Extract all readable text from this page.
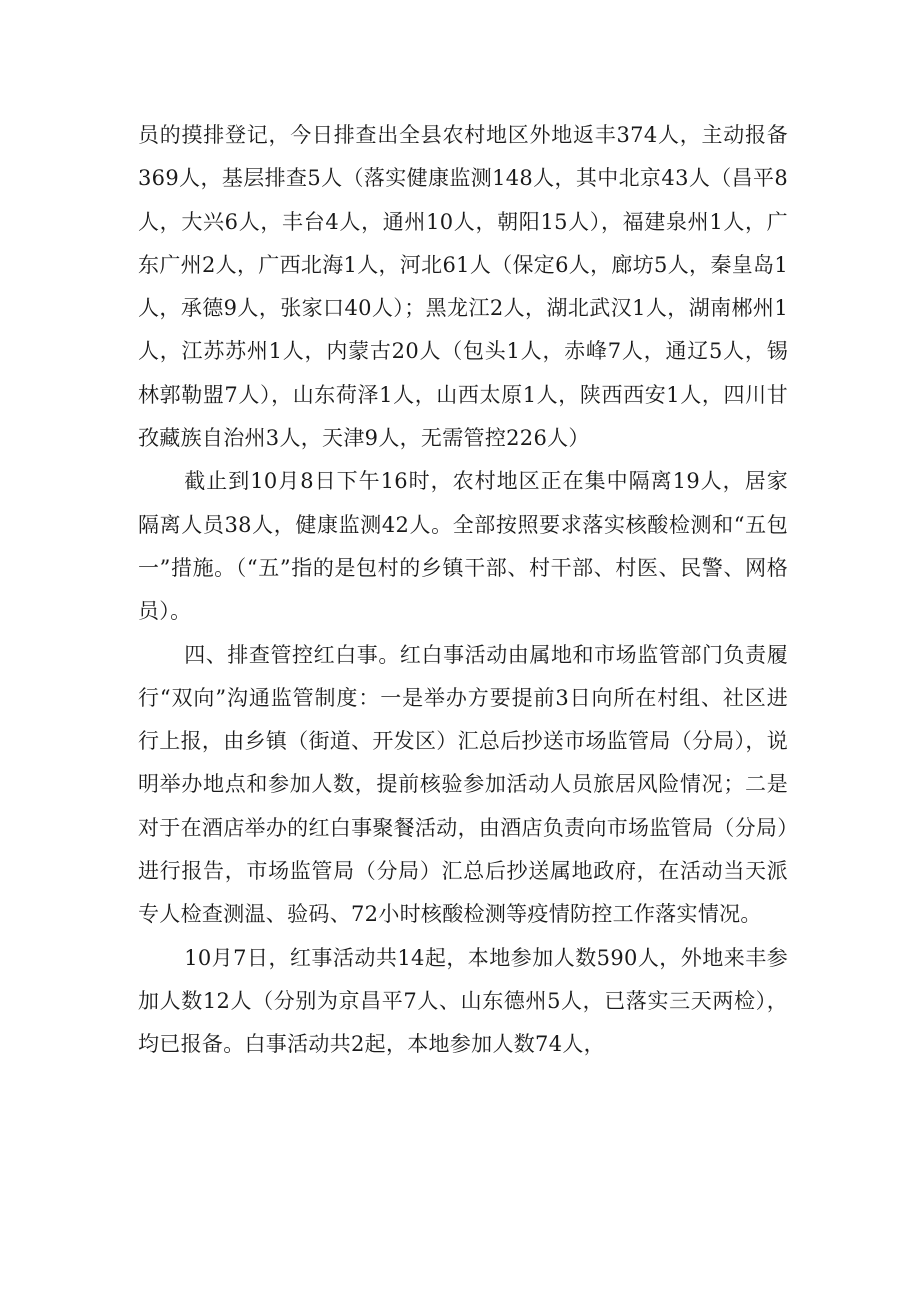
员的摸排登记，今日排查出全县农村地区外地返丰374人，主动报备369人，基层排查5人（落实健康监测148人，其中北京43人（昌平8人，大兴6人，丰台4人，通州10人，朝阳15人），福建泉州1人，广东广州2人，广西北海1人，河北61人（保定6人，廊坊5人，秦皇岛1人，承德9人，张家口40人）；黑龙江2人，湖北武汉1人，湖南郴州1人，江苏苏州1人，内蒙古20人（包头1人，赤峰7人，通辽5人，锡林郭勒盟7人），山东荷泽1人，山西太原1人，陕西西安1人，四川甘孜藏族自治州3人，天津9人，无需管控226人）

截止到10月8日下午16时，农村地区正在集中隔离19人，居家隔离人员38人，健康监测42人。全部按照要求落实核酸检测和“五包一”措施。（“五”指的是包村的乡镇干部、村干部、村医、民警、网格员）。

四、排查管控红白事。红白事活动由属地和市场监管部门负责履行“双向”沟通监管制度：一是举办方要提前3日向所在村组、社区进行上报，由乡镇（街道、开发区）汇总后抄送市场监管局（分局），说明举办地点和参加人数，提前核验参加活动人员旅居风险情况；二是对于在酒店举办的红白事聚餐活动，由酒店负责向市场监管局（分局）进行报告，市场监管局（分局）汇总后抄送属地政府，在活动当天派专人检查测温、验码、72小时核酸检测等疫情防控工作落实情况。

10月7日，红事活动共14起，本地参加人数590人，外地来丰参加人数12人（分别为京昌平7人、山东德州5人，已落实三天两检），均已报备。白事活动共2起，本地参加人数74人，
